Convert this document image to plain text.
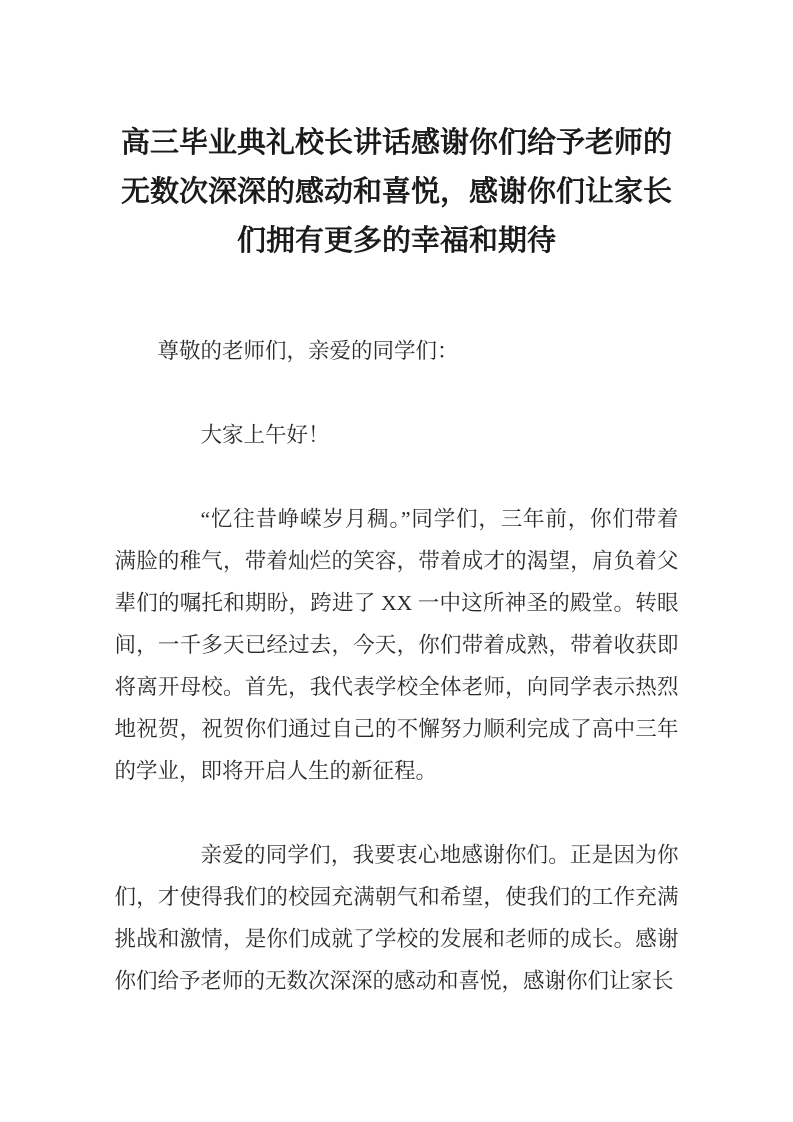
高三毕业典礼校长讲话感谢你们给予老师的无数次深深的感动和喜悦，感谢你们让家长们拥有更多的幸福和期待

尊敬的老师们，亲爱的同学们：

大家上午好！

“忆往昔峥嵘岁月稠。”同学们，三年前，你们带着满脸的稚气，带着灿烂的笑容，带着成才的渴望，肩负着父辈们的嘱托和期盼，跨进了 XX 一中这所神圣的殿堂。转眼间，一千多天已经过去，今天，你们带着成熟，带着收获即将离开母校。首先，我代表学校全体老师，向同学表示热烈地祝贺，祝贺你们通过自己的不懈努力顺利完成了高中三年的学业，即将开启人生的新征程。

亲爱的同学们，我要衷心地感谢你们。正是因为你们，才使得我们的校园充满朝气和希望，使我们的工作充满挑战和激情，是你们成就了学校的发展和老师的成长。感谢你们给予老师的无数次深深的感动和喜悦，感谢你们让家长
